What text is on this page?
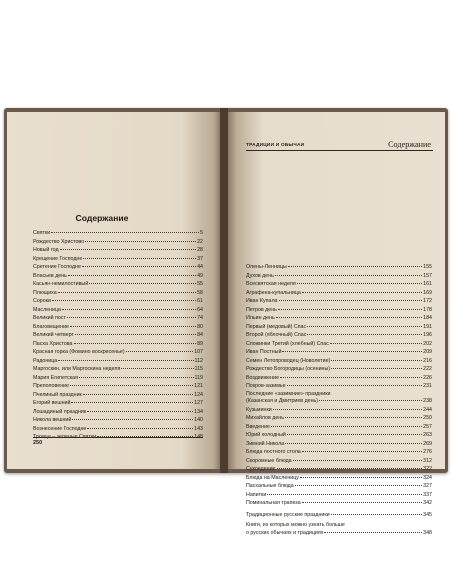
Содержание
Святки	5
Рождество Христово	22
Новый год	28
Крещение Господне	37
Сретение Господне	44
Власьев день	49
Касьян-немилостивый	55
Плющиха	58
Сороки	61
Масленица	64
Великий пост	74
Благовещение	80
Великий четверг	84
Пасха Христова	89
Красная горка (Фомино воскресенье)	107
Радоница	112
Маргоскин, или Маргоскина неделя	115
Мария Египетская	119
Преполовение	121
Пчелиный праздник	124
Егорий вешний	127
Лошадиный праздник	134
Никола вешний	140
Вознесение Господне	143
Троица – зеленые Святки	148
250
ТРАДИЦИИ И ОБЫЧАИ	Содержание
Олены-Ленницы	155
Духов день	157
Всесвятская неделя	161
Аграфена-купальница	169
Иван Купала	172
Петров день	178
Ильин день	184
Первый (медовый) Спас	191
Второй (яблочный) Спас	196
Спожинки Третий (хлебный) Спас	202
Иван Постный	209
Семен Летопроводец (Новолетие)	216
Рождество Богородицы (осенины)	222
Воздвижение	226
Покров-зазимье	231
Последние «зазимние» праздники
(Казанская и Дмитриев день)	238
Кузьминки	244
Михайлов день	250
Введение	257
Юрий холодный	263
Зимний Никола	269
Блюда постного стола	276
Скоромные блюда	312
Сукоедение	322
Блюда на Масленицу	324
Пасхальные блюда	327
Напитки	337
Поминальная трапеза	342
Традиционные русские праздники	345
Книги, из которых можно узнать больше
о русских обычаях и традициях	348
